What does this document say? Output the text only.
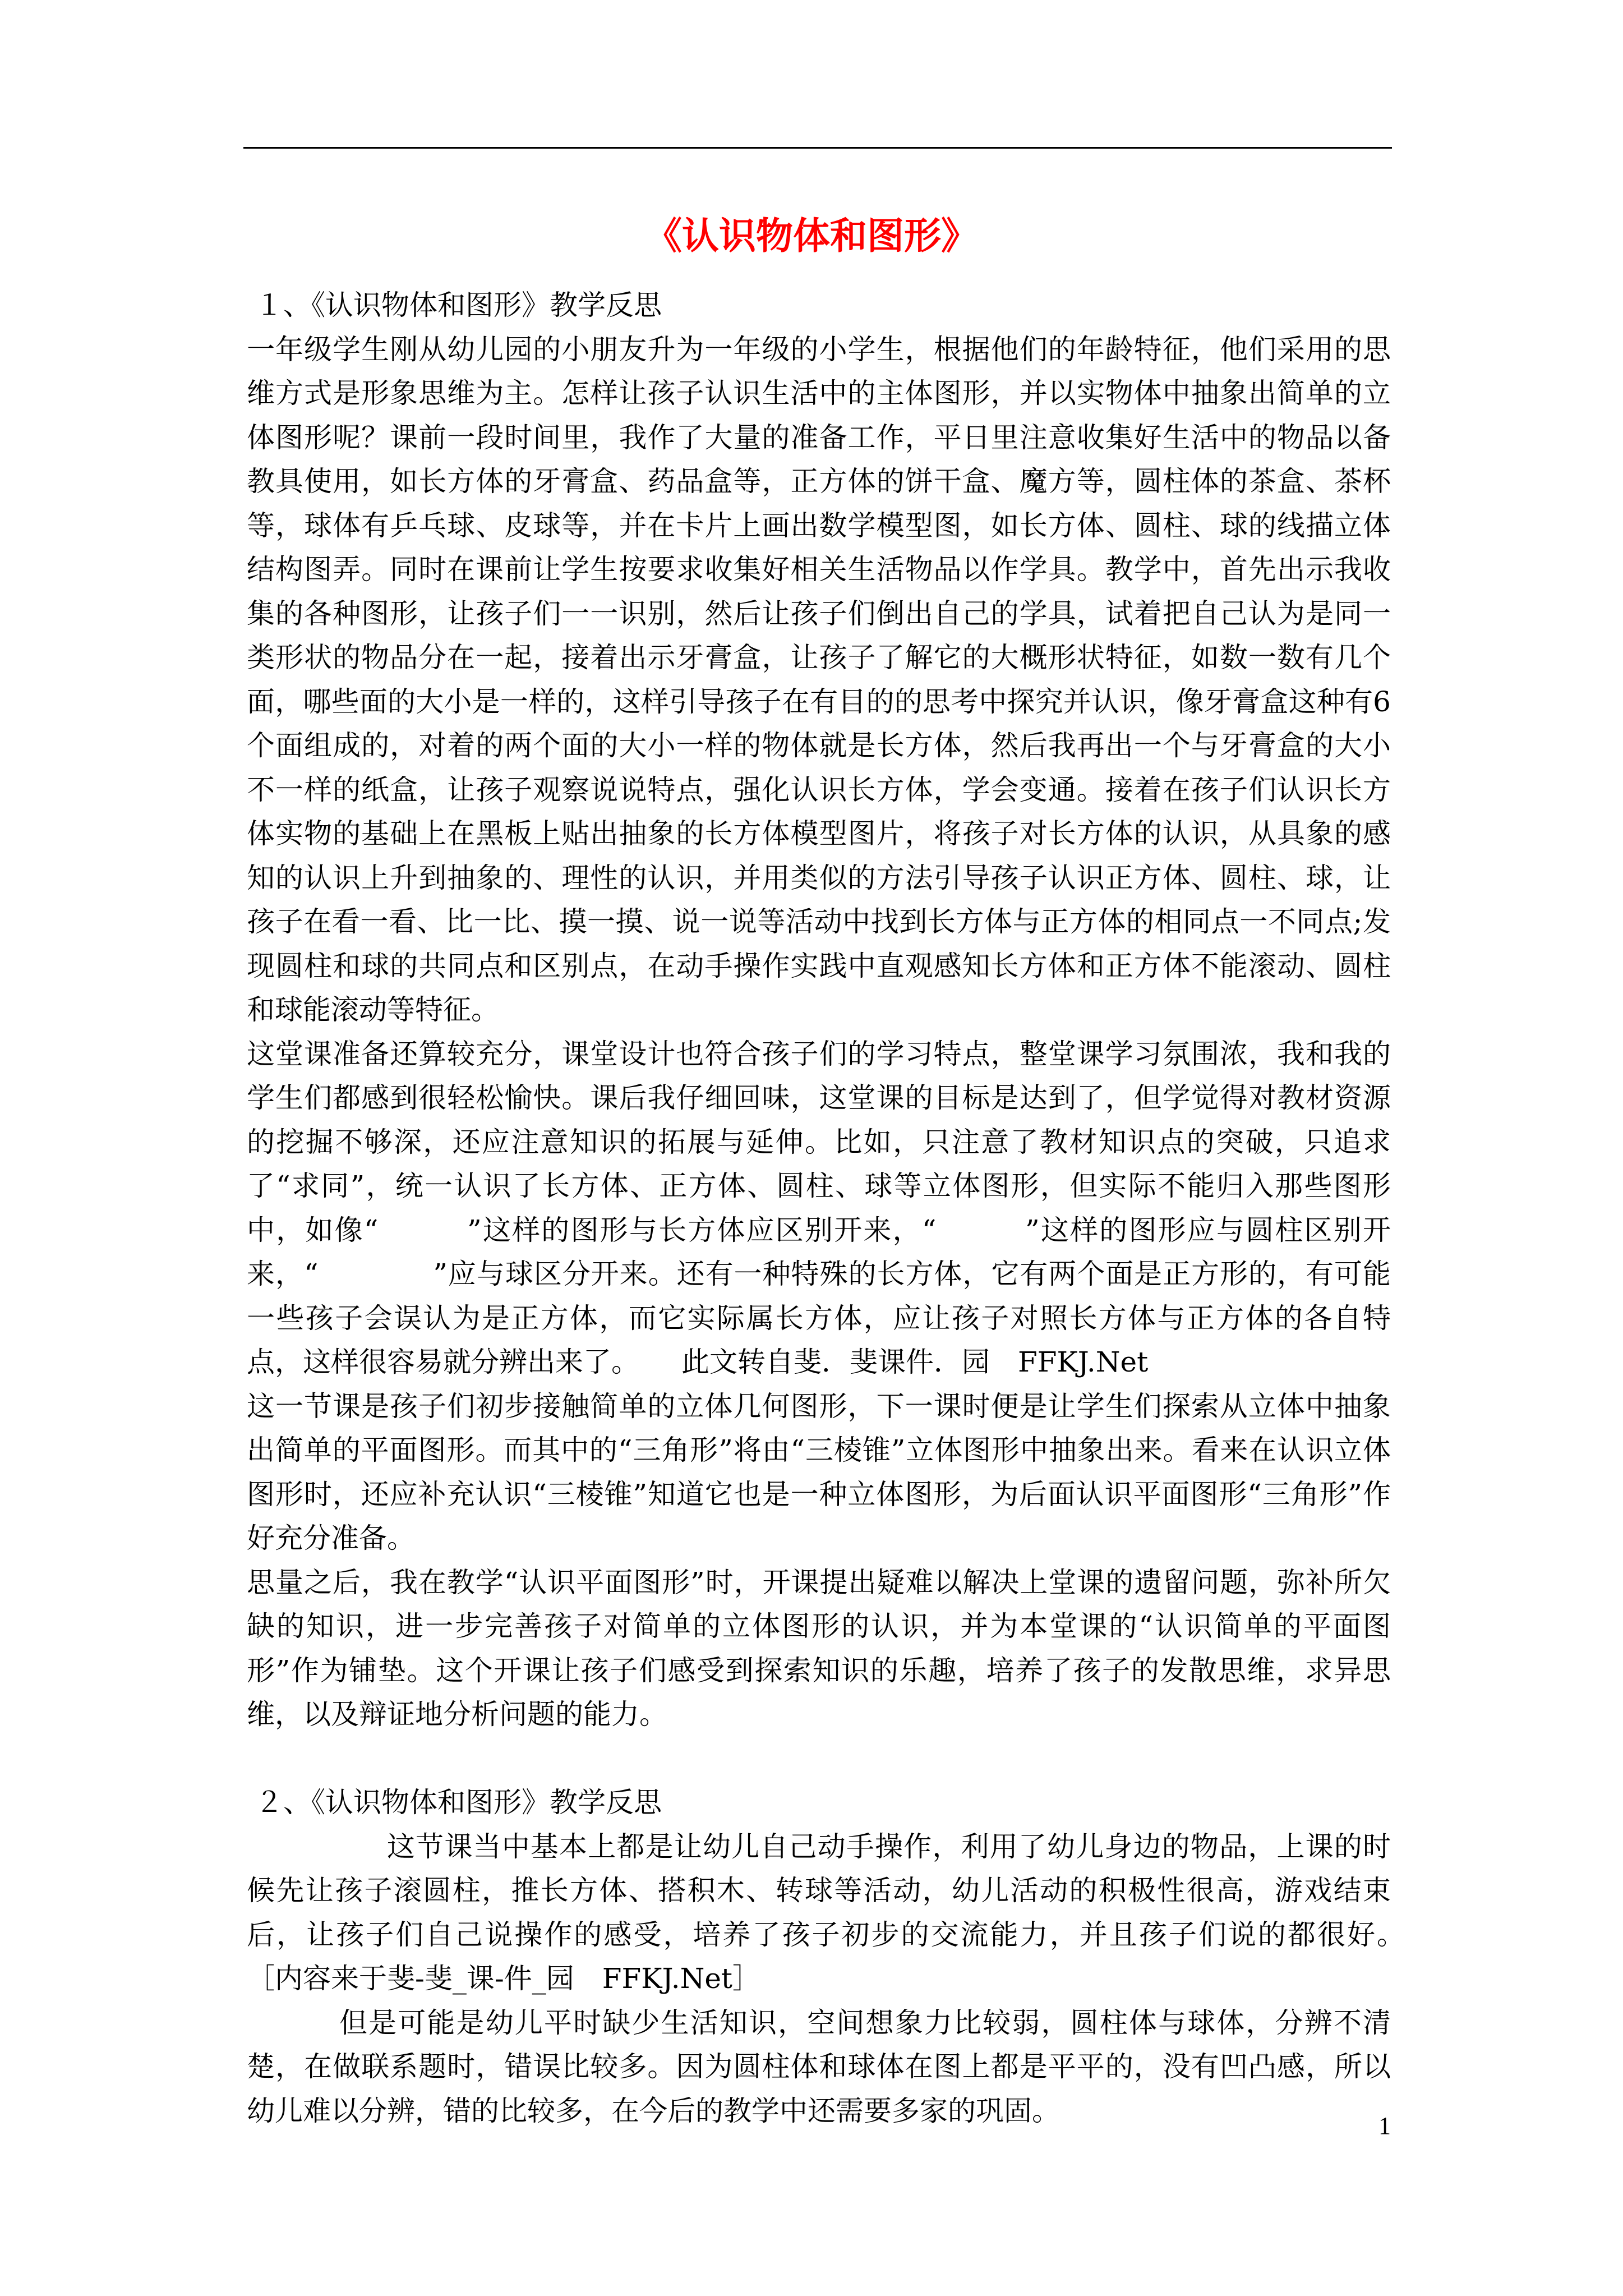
《认识物体和图形》

１、《认识物体和图形》教学反思

一年级学生刚从幼儿园的小朋友升为一年级的小学生，根据他们的年龄特征，他们采用的思维方式是形象思维为主。怎样让孩子认识生活中的主体图形，并以实物体中抽象出简单的立体图形呢？课前一段时间里，我作了大量的准备工作，平日里注意收集好生活中的物品以备教具使用，如长方体的牙膏盒、药品盒等，正方体的饼干盒、魔方等，圆柱体的茶盒、茶杯等，球体有乒乓球、皮球等，并在卡片上画出数学模型图，如长方体、圆柱、球的线描立体结构图弄。同时在课前让学生按要求收集好相关生活物品以作学具。教学中，首先出示我收集的各种图形，让孩子们一一识别，然后让孩子们倒出自己的学具，试着把自己认为是同一类形状的物品分在一起，接着出示牙膏盒，让孩子了解它的大概形状特征，如数一数有几个面，哪些面的大小是一样的，这样引导孩子在有目的的思考中探究并认识，像牙膏盒这种有6个面组成的，对着的两个面的大小一样的物体就是长方体，然后我再出一个与牙膏盒的大小不一样的纸盒，让孩子观察说说特点，强化认识长方体，学会变通。接着在孩子们认识长方体实物的基础上在黑板上贴出抽象的长方体模型图片，将孩子对长方体的认识，从具象的感知的认识上升到抽象的、理性的认识，并用类似的方法引导孩子认识正方体、圆柱、球，让孩子在看一看、比一比、摸一摸、说一说等活动中找到长方体与正方体的相同点一不同点;发现圆柱和球的共同点和区别点，在动手操作实践中直观感知长方体和正方体不能滚动、圆柱和球能滚动等特征。

这堂课准备还算较充分，课堂设计也符合孩子们的学习特点，整堂课学习氛围浓，我和我的学生们都感到很轻松愉快。课后我仔细回味，这堂课的目标是达到了，但学觉得对教材资源的挖掘不够深，还应注意知识的拓展与延伸。比如，只注意了教材知识点的突破，只追求了“求同”，统一认识了长方体、正方体、圆柱、球等立体图形，但实际不能归入那些图形中，如像“　　　”这样的图形与长方体应区别开来，“　　　”这样的图形应与圆柱区别开来，“　　　　”应与球区分开来。还有一种特殊的长方体，它有两个面是正方形的，有可能一些孩子会误认为是正方体，而它实际属长方体，应让孩子对照长方体与正方体的各自特点，这样很容易就分辨出来了。　　此文转自斐．斐课件．园　FFKJ.Net

这一节课是孩子们初步接触简单的立体几何图形，下一课时便是让学生们探索从立体中抽象出简单的平面图形。而其中的“三角形”将由“三棱锥”立体图形中抽象出来。看来在认识立体图形时，还应补充认识“三棱锥”知道它也是一种立体图形，为后面认识平面图形“三角形”作好充分准备。

思量之后，我在教学“认识平面图形”时，开课提出疑难以解决上堂课的遗留问题，弥补所欠缺的知识，进一步完善孩子对简单的立体图形的认识，并为本堂课的“认识简单的平面图形”作为铺垫。这个开课让孩子们感受到探索知识的乐趣，培养了孩子的发散思维，求异思维，以及辩证地分析问题的能力。

２、《认识物体和图形》教学反思

这节课当中基本上都是让幼儿自己动手操作，利用了幼儿身边的物品，上课的时候先让孩子滚圆柱，推长方体、搭积木、转球等活动，幼儿活动的积极性很高，游戏结束后，让孩子们自己说操作的感受，培养了孩子初步的交流能力，并且孩子们说的都很好。　［内容来于斐-斐_课-件_园　FFKJ.Net］

但是可能是幼儿平时缺少生活知识，空间想象力比较弱，圆柱体与球体，分辨不清楚，在做联系题时，错误比较多。因为圆柱体和球体在图上都是平平的，没有凹凸感，所以幼儿难以分辨，错的比较多，在今后的教学中还需要多家的巩固。	1
